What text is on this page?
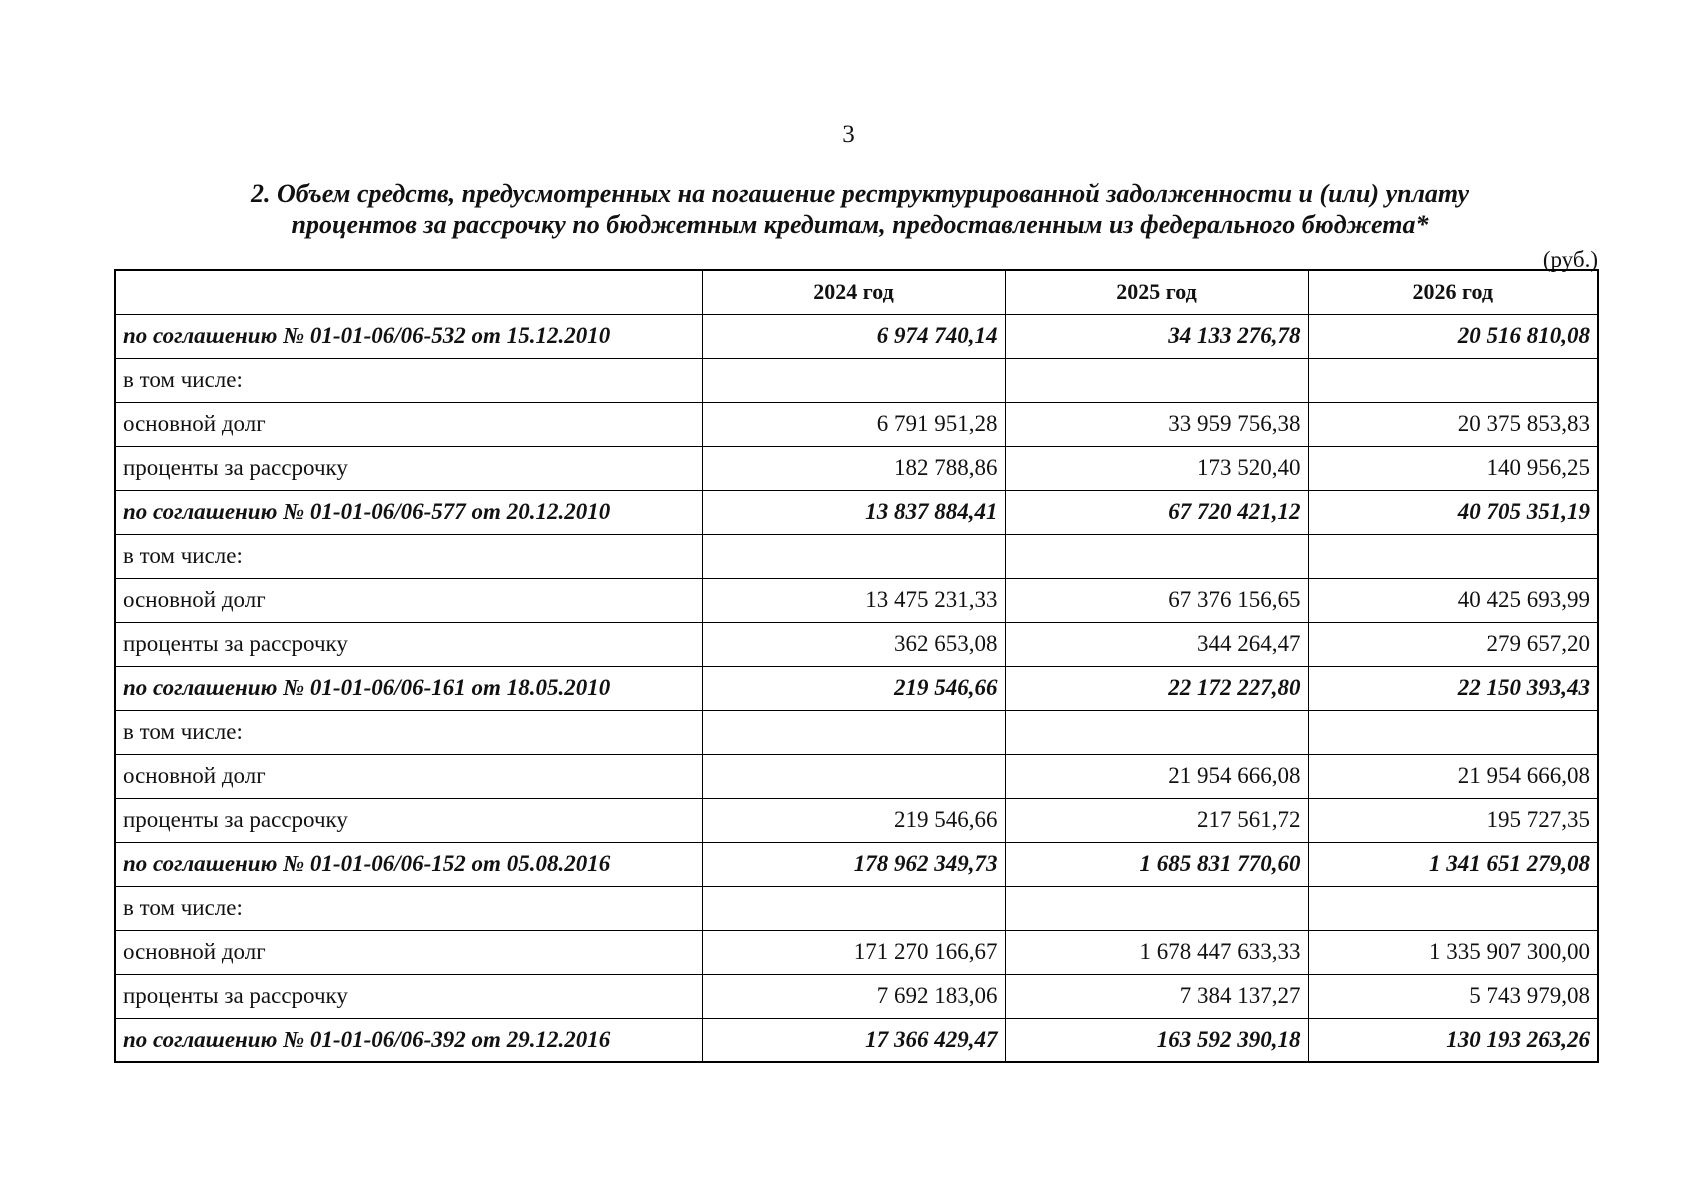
3
2. Объем средств, предусмотренных на погашение реструктурированной задолженности и (или) уплату
процентов за рассрочку по бюджетным кредитам, предоставленным из федерального бюджета*
(руб.)
	2024 год	2025 год	2026 год
по соглашению № 01-01-06/06-532 от 15.12.2010	6 974 740,14	34 133 276,78	20 516 810,08
в том числе:			
основной долг	6 791 951,28	33 959 756,38	20 375 853,83
проценты за рассрочку	182 788,86	173 520,40	140 956,25
по соглашению № 01-01-06/06-577 от 20.12.2010	13 837 884,41	67 720 421,12	40 705 351,19
в том числе:			
основной долг	13 475 231,33	67 376 156,65	40 425 693,99
проценты за рассрочку	362 653,08	344 264,47	279 657,20
по соглашению № 01-01-06/06-161 от 18.05.2010	219 546,66	22 172 227,80	22 150 393,43
в том числе:			
основной долг		21 954 666,08	21 954 666,08
проценты за рассрочку	219 546,66	217 561,72	195 727,35
по соглашению № 01-01-06/06-152 от 05.08.2016	178 962 349,73	1 685 831 770,60	1 341 651 279,08
в том числе:			
основной долг	171 270 166,67	1 678 447 633,33	1 335 907 300,00
проценты за рассрочку	7 692 183,06	7 384 137,27	5 743 979,08
по соглашению № 01-01-06/06-392 от 29.12.2016	17 366 429,47	163 592 390,18	130 193 263,26
